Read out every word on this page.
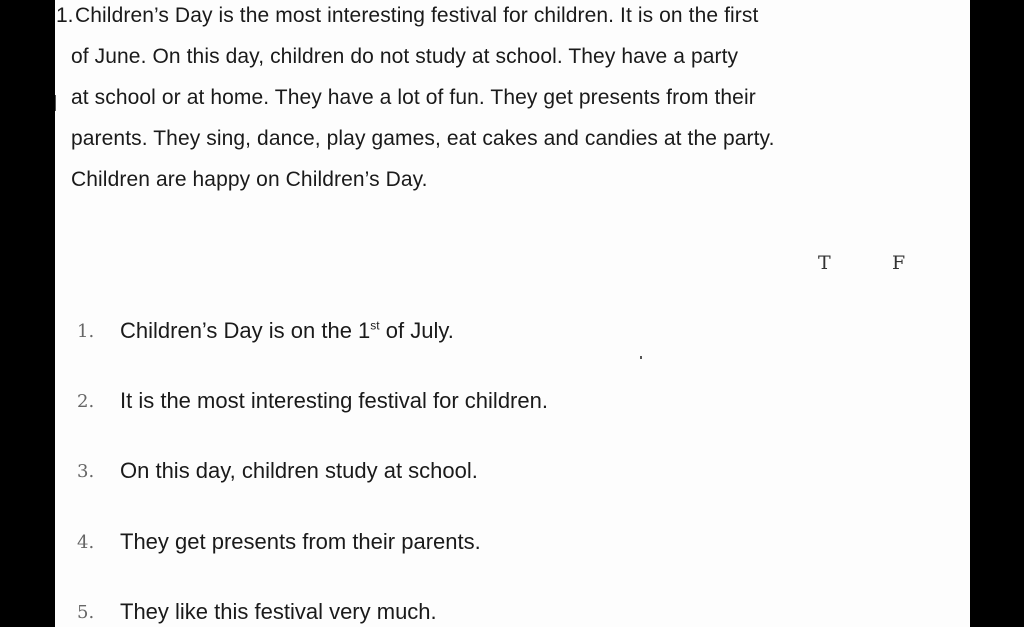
1. Children’s Day is the most interesting festival for children. It is on the first
of June. On this day, children do not study at school. They have a party
at school or at home. They have a lot of fun. They get presents from their
parents. They sing, dance, play games, eat cakes and candies at the party.
Children are happy on Children’s Day.
T	F
1. Children’s Day is on the 1st of July.
2. It is the most interesting festival for children.
3. On this day, children study at school.
4. They get presents from their parents.
5. They like this festival very much.
